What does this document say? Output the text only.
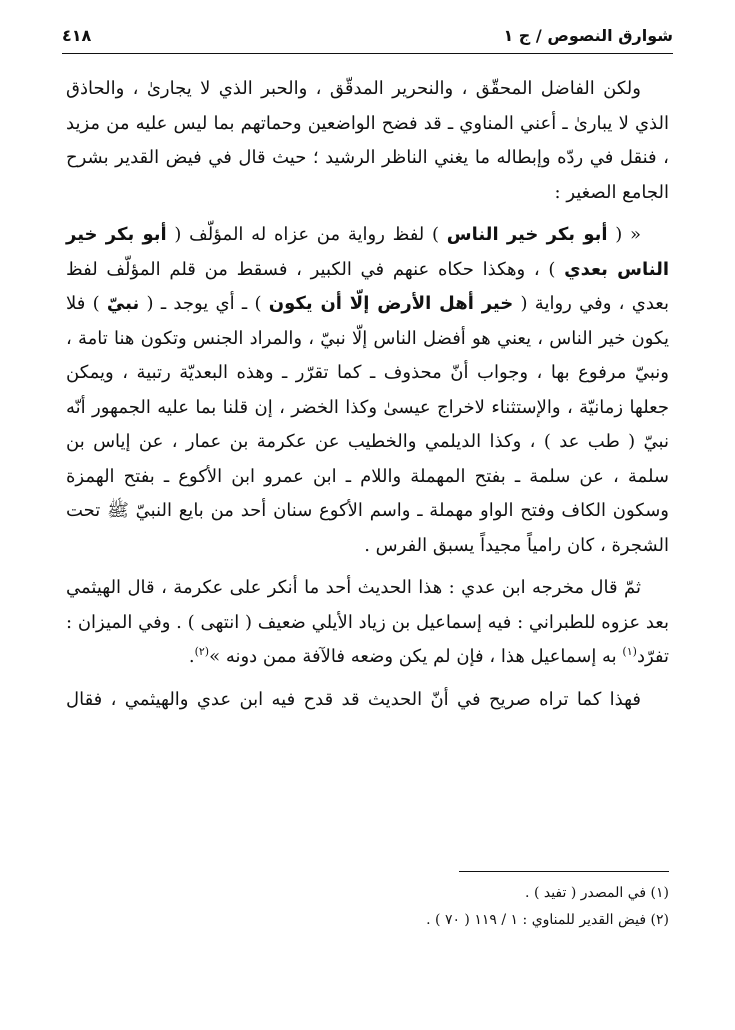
شوارق النصوص / ج ١
٤١٨

ولكن الفاضل المحقّق ، والنحرير المدقّق ، والحبر الذي لا يجارىٰ ، والحاذق الذي لا يبارىٰ ـ أعني المناوي ـ قد فضح الواضعين وحماتهم بما ليس عليه من مزيد ، فنقل في ردّه وإبطاله ما يغني الناظر الرشيد ؛ حيث قال في فيض القدير بشرح الجامع الصغير :

« ( أبو بكر خير الناس ) لفظ رواية من عزاه له المؤلّف ( أبو بكر خير الناس بعدي ) ، وهكذا حكاه عنهم في الكبير ، فسقط من قلم المؤلّف لفظ بعدي ، وفي رواية ( خير أهل الأرض إلّا أن يكون ) ـ أي يوجد ـ ( نبيّ ) فلا يكون خير الناس ، يعني هو أفضل الناس إلّا نبيّ ، والمراد الجنس وتكون هنا تامة ، ونبيّ مرفوع بها ، وجواب أنّ محذوف ـ كما تقرّر ـ وهذه البعديّة رتبية ، ويمكن جعلها زمانيّة ، والإستثناء لاخراج عيسىٰ وكذا الخضر ، إن قلنا بما عليه الجمهور أنّه نبيّ ( طب عد ) ، وكذا الديلمي والخطيب عن عكرمة بن عمار ، عن إياس بن سلمة ، عن سلمة ـ بفتح المهملة واللام ـ ابن عمرو ابن الأكوع ـ بفتح الهمزة وسكون الكاف وفتح الواو مهملة ـ واسم الأكوع سنان أحد من بايع النبيّ ﷺ تحت الشجرة ، كان رامياً مجيداً يسبق الفرس .

ثمّ قال مخرجه ابن عدي : هذا الحديث أحد ما أنكر على عكرمة ، قال الهيثمي بعد عزوه للطبراني : فيه إسماعيل بن زياد الأيلي ضعيف ( انتهى ) . وفي الميزان : تفرّد$^{(١)}$ به إسماعيل هذا ، فإن لم يكن وضعه فالآفة ممن دونه »$^{(٢)}$.

فهذا كما تراه صريح في أنّ الحديث قد قدح فيه ابن عدي والهيثمي ، فقال

(١) في المصدر ( تفيد ) .
(٢) فيض القدير للمناوي : ١ / ١١٩ ( ٧٠ ) .
